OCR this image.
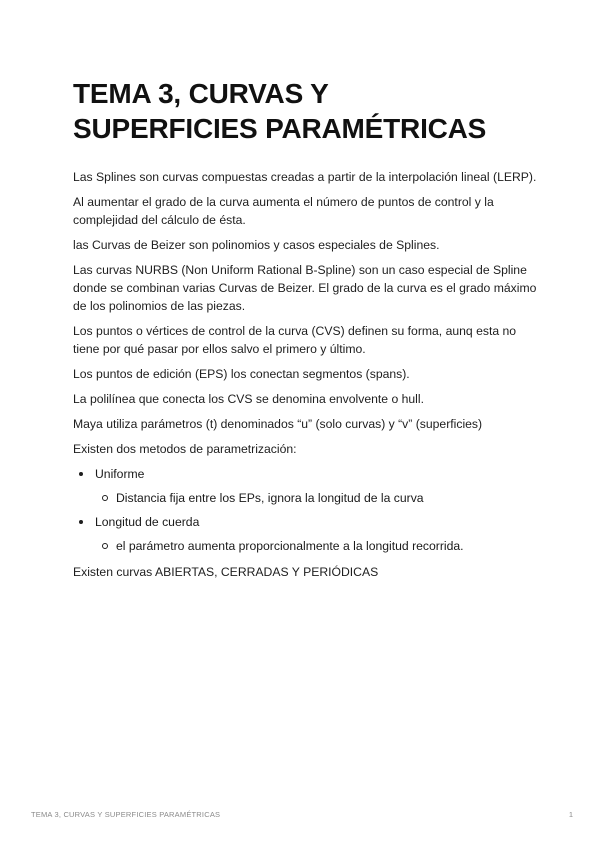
TEMA 3, CURVAS Y
SUPERFICIES PARAMÉTRICAS

Las Splines son curvas compuestas creadas a partir de la interpolación lineal (LERP).

Al aumentar el grado de la curva aumenta el número de puntos de control y la complejidad del cálculo de ésta.

las Curvas de Beizer son polinomios y casos especiales de Splines.

Las curvas NURBS (Non Uniform Rational B-Spline) son un caso especial de Spline donde se combinan varias Curvas de Beizer. El grado de la curva es el grado máximo de los polinomios de las piezas.

Los puntos o vértices de control de la curva (CVS) definen su forma, aunq esta no tiene por qué pasar por ellos salvo el primero y último.

Los puntos de edición (EPS) los conectan segmentos (spans).

La polilínea que conecta los CVS se denomina envolvente o hull.

Maya utiliza parámetros (t) denominados “u” (solo curvas) y “v” (superficies)

Existen dos metodos de parametrización:

Uniforme
Distancia fija entre los EPs, ignora la longitud de la curva
Longitud de cuerda
el parámetro aumenta proporcionalmente a la longitud recorrida.

Existen curvas ABIERTAS, CERRADAS Y PERIÓDICAS

TEMA 3, CURVAS Y SUPERFICIES PARAMÉTRICAS	1
